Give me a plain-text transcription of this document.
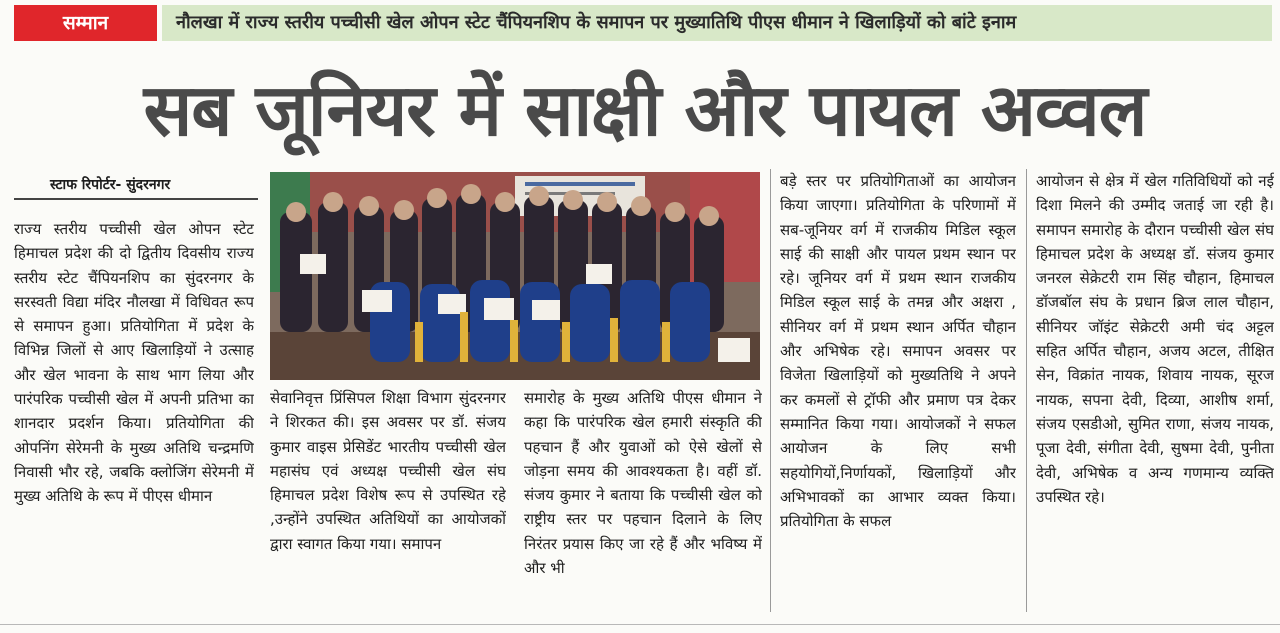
सम्मान	नौलखा में राज्य स्तरीय पच्चीसी खेल ओपन स्टेट चैंपियनशिप के समापन पर मुख्यातिथि पीएस धीमान ने खिलाड़ियों को बांटे इनाम
सब जूनियर में साक्षी और पायल अव्वल
स्टाफ रिपोर्टर- सुंदरनगर

राज्य स्तरीय पच्चीसी खेल ओपन स्टेट हिमाचल प्रदेश की दो द्वितीय दिवसीय राज्य स्तरीय स्टेट चैंपियनशिप का सुंदरनगर के सरस्वती विद्या मंदिर नौलखा में विधिवत रूप से समापन हुआ। प्रतियोगिता में प्रदेश के विभिन्न जिलों से आए खिलाड़ियों ने उत्साह और खेल भावना के साथ भाग लिया और पारंपरिक पच्चीसी खेल में अपनी प्रतिभा का शानदार प्रदर्शन किया। प्रतियोगिता की ओपनिंग सेरेमनी के मुख्य अतिथि चन्द्रमणि निवासी भौर रहे, जबकि क्लोजिंग सेरेमनी में मुख्य अतिथि के रूप में पीएस धीमान

सेवानिवृत्त प्रिंसिपल शिक्षा विभाग सुंदरनगर ने शिरकत की। इस अवसर पर डॉ. संजय कुमार वाइस प्रेसिडेंट भारतीय पच्चीसी खेल महासंघ एवं अध्यक्ष पच्चीसी खेल संघ हिमाचल प्रदेश विशेष रूप से उपस्थित रहे ,उन्होंने उपस्थित अतिथियों का आयोजकों द्वारा स्वागत किया गया। समापन

समारोह के मुख्य अतिथि पीएस धीमान ने कहा कि पारंपरिक खेल हमारी संस्कृति की पहचान हैं और युवाओं को ऐसे खेलों से जोड़ना समय की आवश्यकता है। वहीं डॉ. संजय कुमार ने बताया कि पच्चीसी खेल को राष्ट्रीय स्तर पर पहचान दिलाने के लिए निरंतर प्रयास किए जा रहे हैं और भविष्य में और भी

बड़े स्तर पर प्रतियोगिताओं का आयोजन किया जाएगा। प्रतियोगिता के परिणामों में सब-जूनियर वर्ग में राजकीय मिडिल स्कूल साई की साक्षी और पायल प्रथम स्थान पर रहे। जूनियर वर्ग में प्रथम स्थान राजकीय मिडिल स्कूल साई के तमन्न और अक्षरा , सीनियर वर्ग में प्रथम स्थान अर्पित चौहान और अभिषेक रहे। समापन अवसर पर विजेता खिलाड़ियों को मुख्यतिथि ने अपने कर कमलों से ट्रॉफी और प्रमाण पत्र देकर सम्मानित किया गया। आयोजकों ने सफल आयोजन के लिए सभी सहयोगियों,निर्णायकों, खिलाड़ियों और अभिभावकों का आभार व्यक्त किया। प्रतियोगिता के सफल

आयोजन से क्षेत्र में खेल गतिविधियों को नई दिशा मिलने की उम्मीद जताई जा रही है। समापन समारोह के दौरान पच्चीसी खेल संघ हिमाचल प्रदेश के अध्यक्ष डॉ. संजय कुमार जनरल सेक्रेटरी राम सिंह चौहान, हिमाचल डॉजबॉल संघ के प्रधान ब्रिज लाल चौहान, सीनियर जॉइंट सेक्रेटरी अमी चंद अट्टल सहित अर्पित चौहान, अजय अटल, तीक्षित सेन, विक्रांत नायक, शिवाय नायक, सूरज नायक, सपना देवी, दिव्या, आशीष शर्मा, संजय एसडीओ, सुमित राणा, संजय नायक, पूजा देवी, संगीता देवी, सुषमा देवी, पुनीता देवी, अभिषेक व अन्य गणमान्य व्यक्ति उपस्थित रहे।
